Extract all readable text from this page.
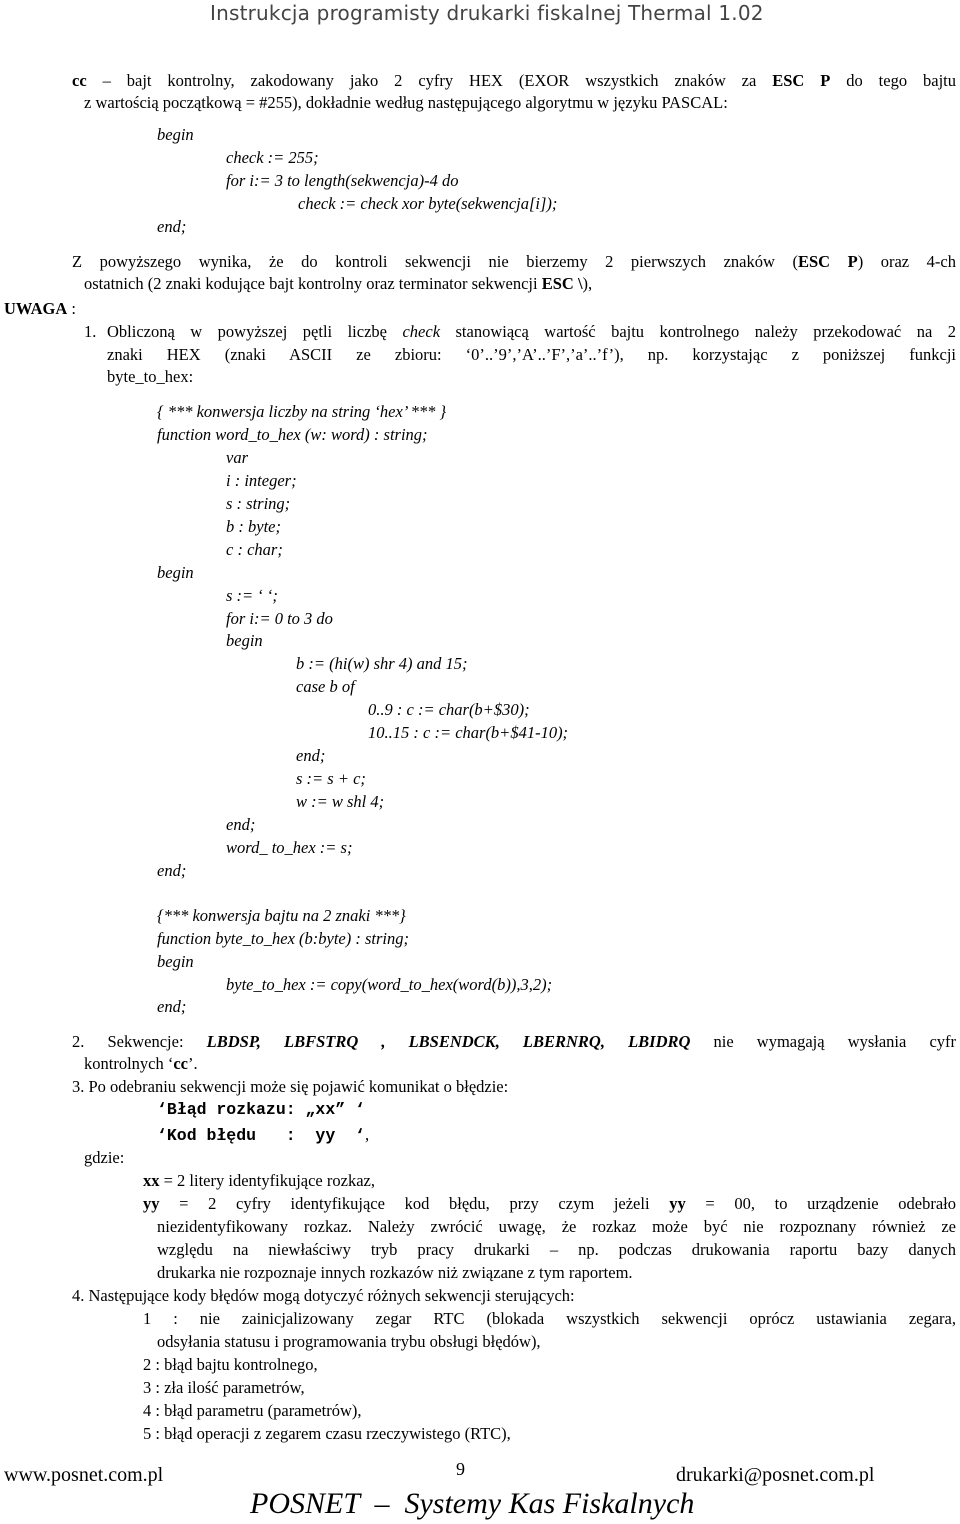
Instrukcja programisty drukarki fiskalnej Thermal 1.02
cc – bajt kontrolny, zakodowany jako 2 cyfry HEX (EXOR wszystkich znaków za ESC P do tego bajtu
z wartością początkową = #255), dokładnie według następującego algorytmu w języku PASCAL:
begin
check := 255;
for i:= 3 to length(sekwencja)-4 do
check := check xor byte(sekwencja[i]);
end;
Z powyższego wynika, że do kontroli sekwencji nie bierzemy 2 pierwszych znaków (ESC P) oraz 4-ch
ostatnich (2 znaki kodujące bajt kontrolny oraz terminator sekwencji ESC \),
UWAGA :
1. Obliczoną w powyższej pętli liczbę check stanowiącą wartość bajtu kontrolnego należy przekodować na 2
znaki HEX (znaki ASCII ze zbioru: ‘0’..’9’,’A’..’F’,’a’..’f’), np. korzystając z poniższej funkcji
byte_to_hex:
{ *** konwersja liczby na string ‘hex’ *** }
function word_to_hex (w: word) : string;
var
i : integer;
s : string;
b : byte;
c : char;
begin
s := ‘ ‘;
for i:= 0 to 3 do
begin
b := (hi(w) shr 4) and 15;
case b of
0..9 : c := char(b+$30);
10..15 : c := char(b+$41-10);
end;
s := s + c;
w := w shl 4;
end;
word_ to_hex := s;
end;
{*** konwersja bajtu na 2 znaki ***}
function byte_to_hex (b:byte) : string;
begin
byte_to_hex := copy(word_to_hex(word(b)),3,2);
end;
2. Sekwencje: LBDSP, LBFSTRQ , LBSENDCK, LBERNRQ, LBIDRQ nie wymagają wysłania cyfr
kontrolnych ‘cc’.
3. Po odebraniu sekwencji może się pojawić komunikat o błędzie:
‘Błąd rozkazu: „xx” ‘
‘Kod błędu   :  yy  ‘,
gdzie:
xx = 2 litery identyfikujące rozkaz,
yy = 2 cyfry identyfikujące kod błędu, przy czym jeżeli yy = 00, to urządzenie odebrało
niezidentyfikowany rozkaz. Należy zwrócić uwagę, że rozkaz może być nie rozpoznany również ze
względu na niewłaściwy tryb pracy drukarki – np. podczas drukowania raportu bazy danych
drukarka nie rozpoznaje innych rozkazów niż związane z tym raportem.
4. Następujące kody błędów mogą dotyczyć różnych sekwencji sterujących:
1 : nie zainicjalizowany zegar RTC (blokada wszystkich sekwencji oprócz ustawiania zegara,
odsyłania statusu i programowania trybu obsługi błędów),
2 : błąd bajtu kontrolnego,
3 : zła ilość parametrów,
4 : błąd parametru (parametrów),
5 : błąd operacji z zegarem czasu rzeczywistego (RTC),
www.posnet.com.pl	9	drukarki@posnet.com.pl
POSNET  –  Systemy Kas Fiskalnych
